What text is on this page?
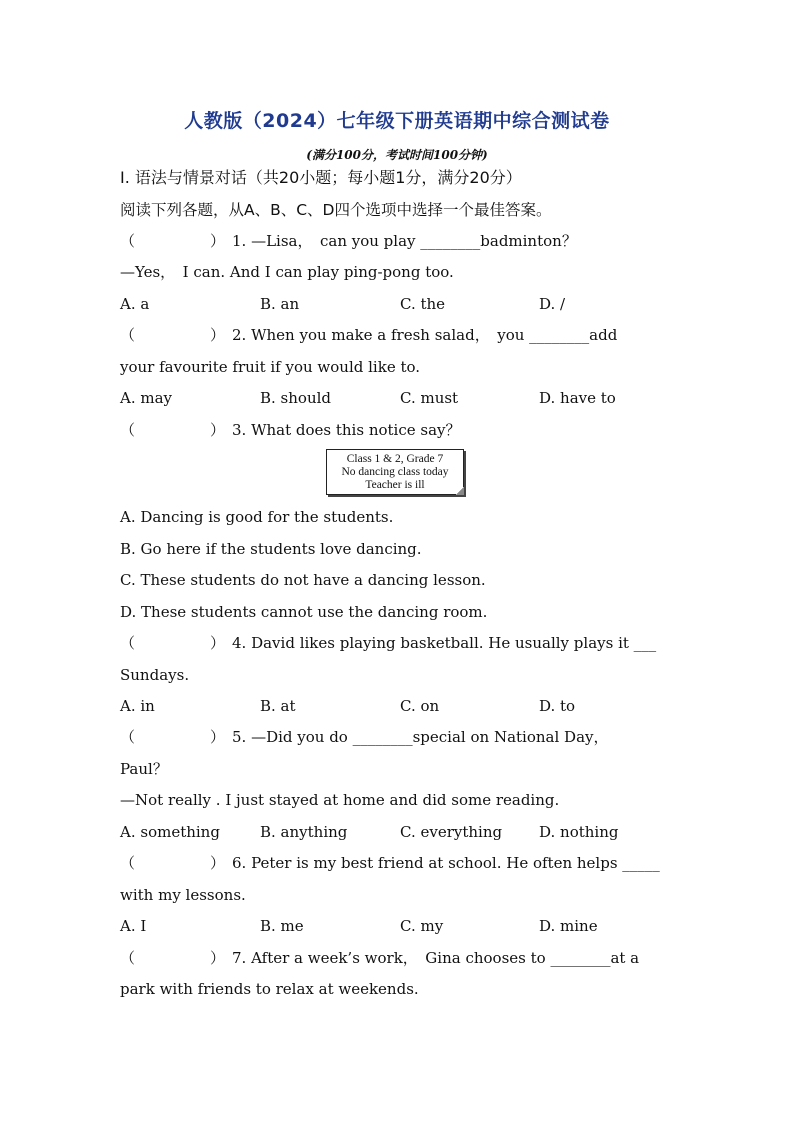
人教版（2024）七年级下册英语期中综合测试卷
(满分100分，考试时间100分钟)
Ⅰ. 语法与情景对话（共20小题；每小题1分，满分20分）
阅读下列各题，从A、B、C、D四个选项中选择一个最佳答案。
（　　　　　） 1. —Lisa，　can you play ________badminton？
—Yes，　I can. And I can play ping-pong too.
A. a	B. an	C. the	D. /
（　　　　　） 2. When you make a fresh salad，　you ________add
your favourite fruit if you would like to.
A. may	B. should	C. must	D. have to
（　　　　　） 3. What does this notice say？
Class 1 & 2, Grade 7
No dancing class today
Teacher is ill
A. Dancing is good for the students.
B. Go here if the students love dancing.
C. These students do not have a dancing lesson.
D. These students cannot use the dancing room.
（　　　　　） 4. David likes playing basketball. He usually plays it ___
Sundays.
A. in	B. at	C. on	D. to
（　　　　　） 5. —Did you do ________special on National Day，
Paul？
—Not really . I just stayed at home and did some reading.
A. something	B. anything	C. everything D. nothing
（　　　　　） 6. Peter is my best friend at school. He often helps _____
with my lessons.
A. I	B. me	C. my	D. mine
（　　　　　） 7. After a week’s work，　Gina chooses to ________at a
park with friends to relax at weekends.
